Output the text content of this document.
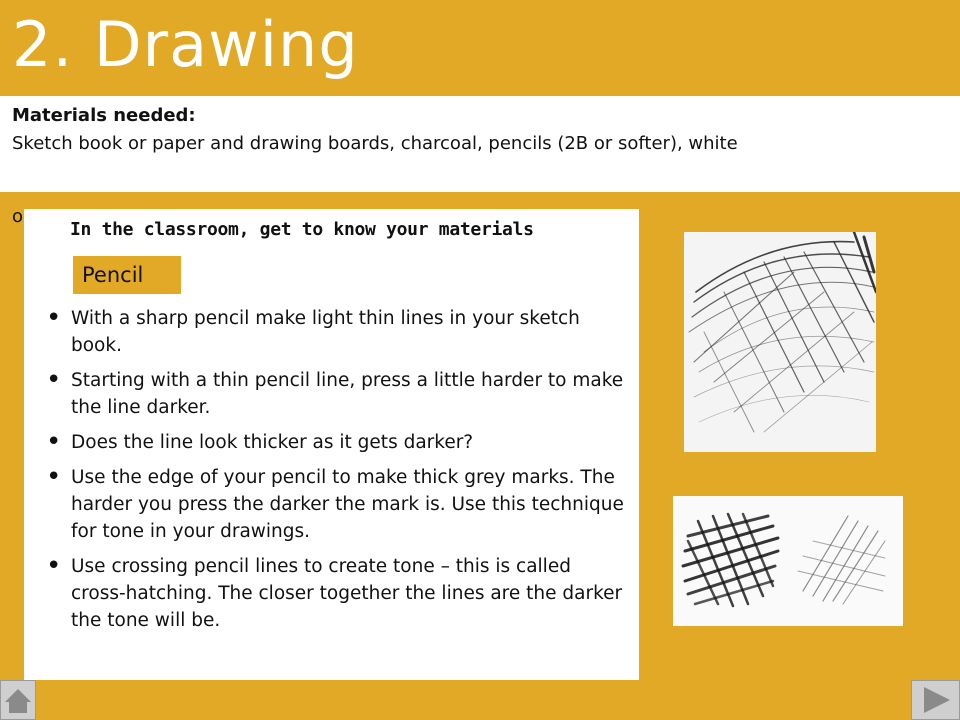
2. Drawing
Materials needed:
Sketch book or paper and drawing boards, charcoal, pencils (2B or softer), white
o
In the classroom, get to know your materials
Pencil
• With a sharp pencil make light thin lines in your sketch book.
• Starting with a thin pencil line, press a little harder to make the line darker.
• Does the line look thicker as it gets darker?
• Use the edge of your pencil to make thick grey marks. The harder you press the darker the mark is. Use this technique for tone in your drawings.
• Use crossing pencil lines to create tone – this is called cross-hatching. The closer together the lines are the darker the tone will be.
